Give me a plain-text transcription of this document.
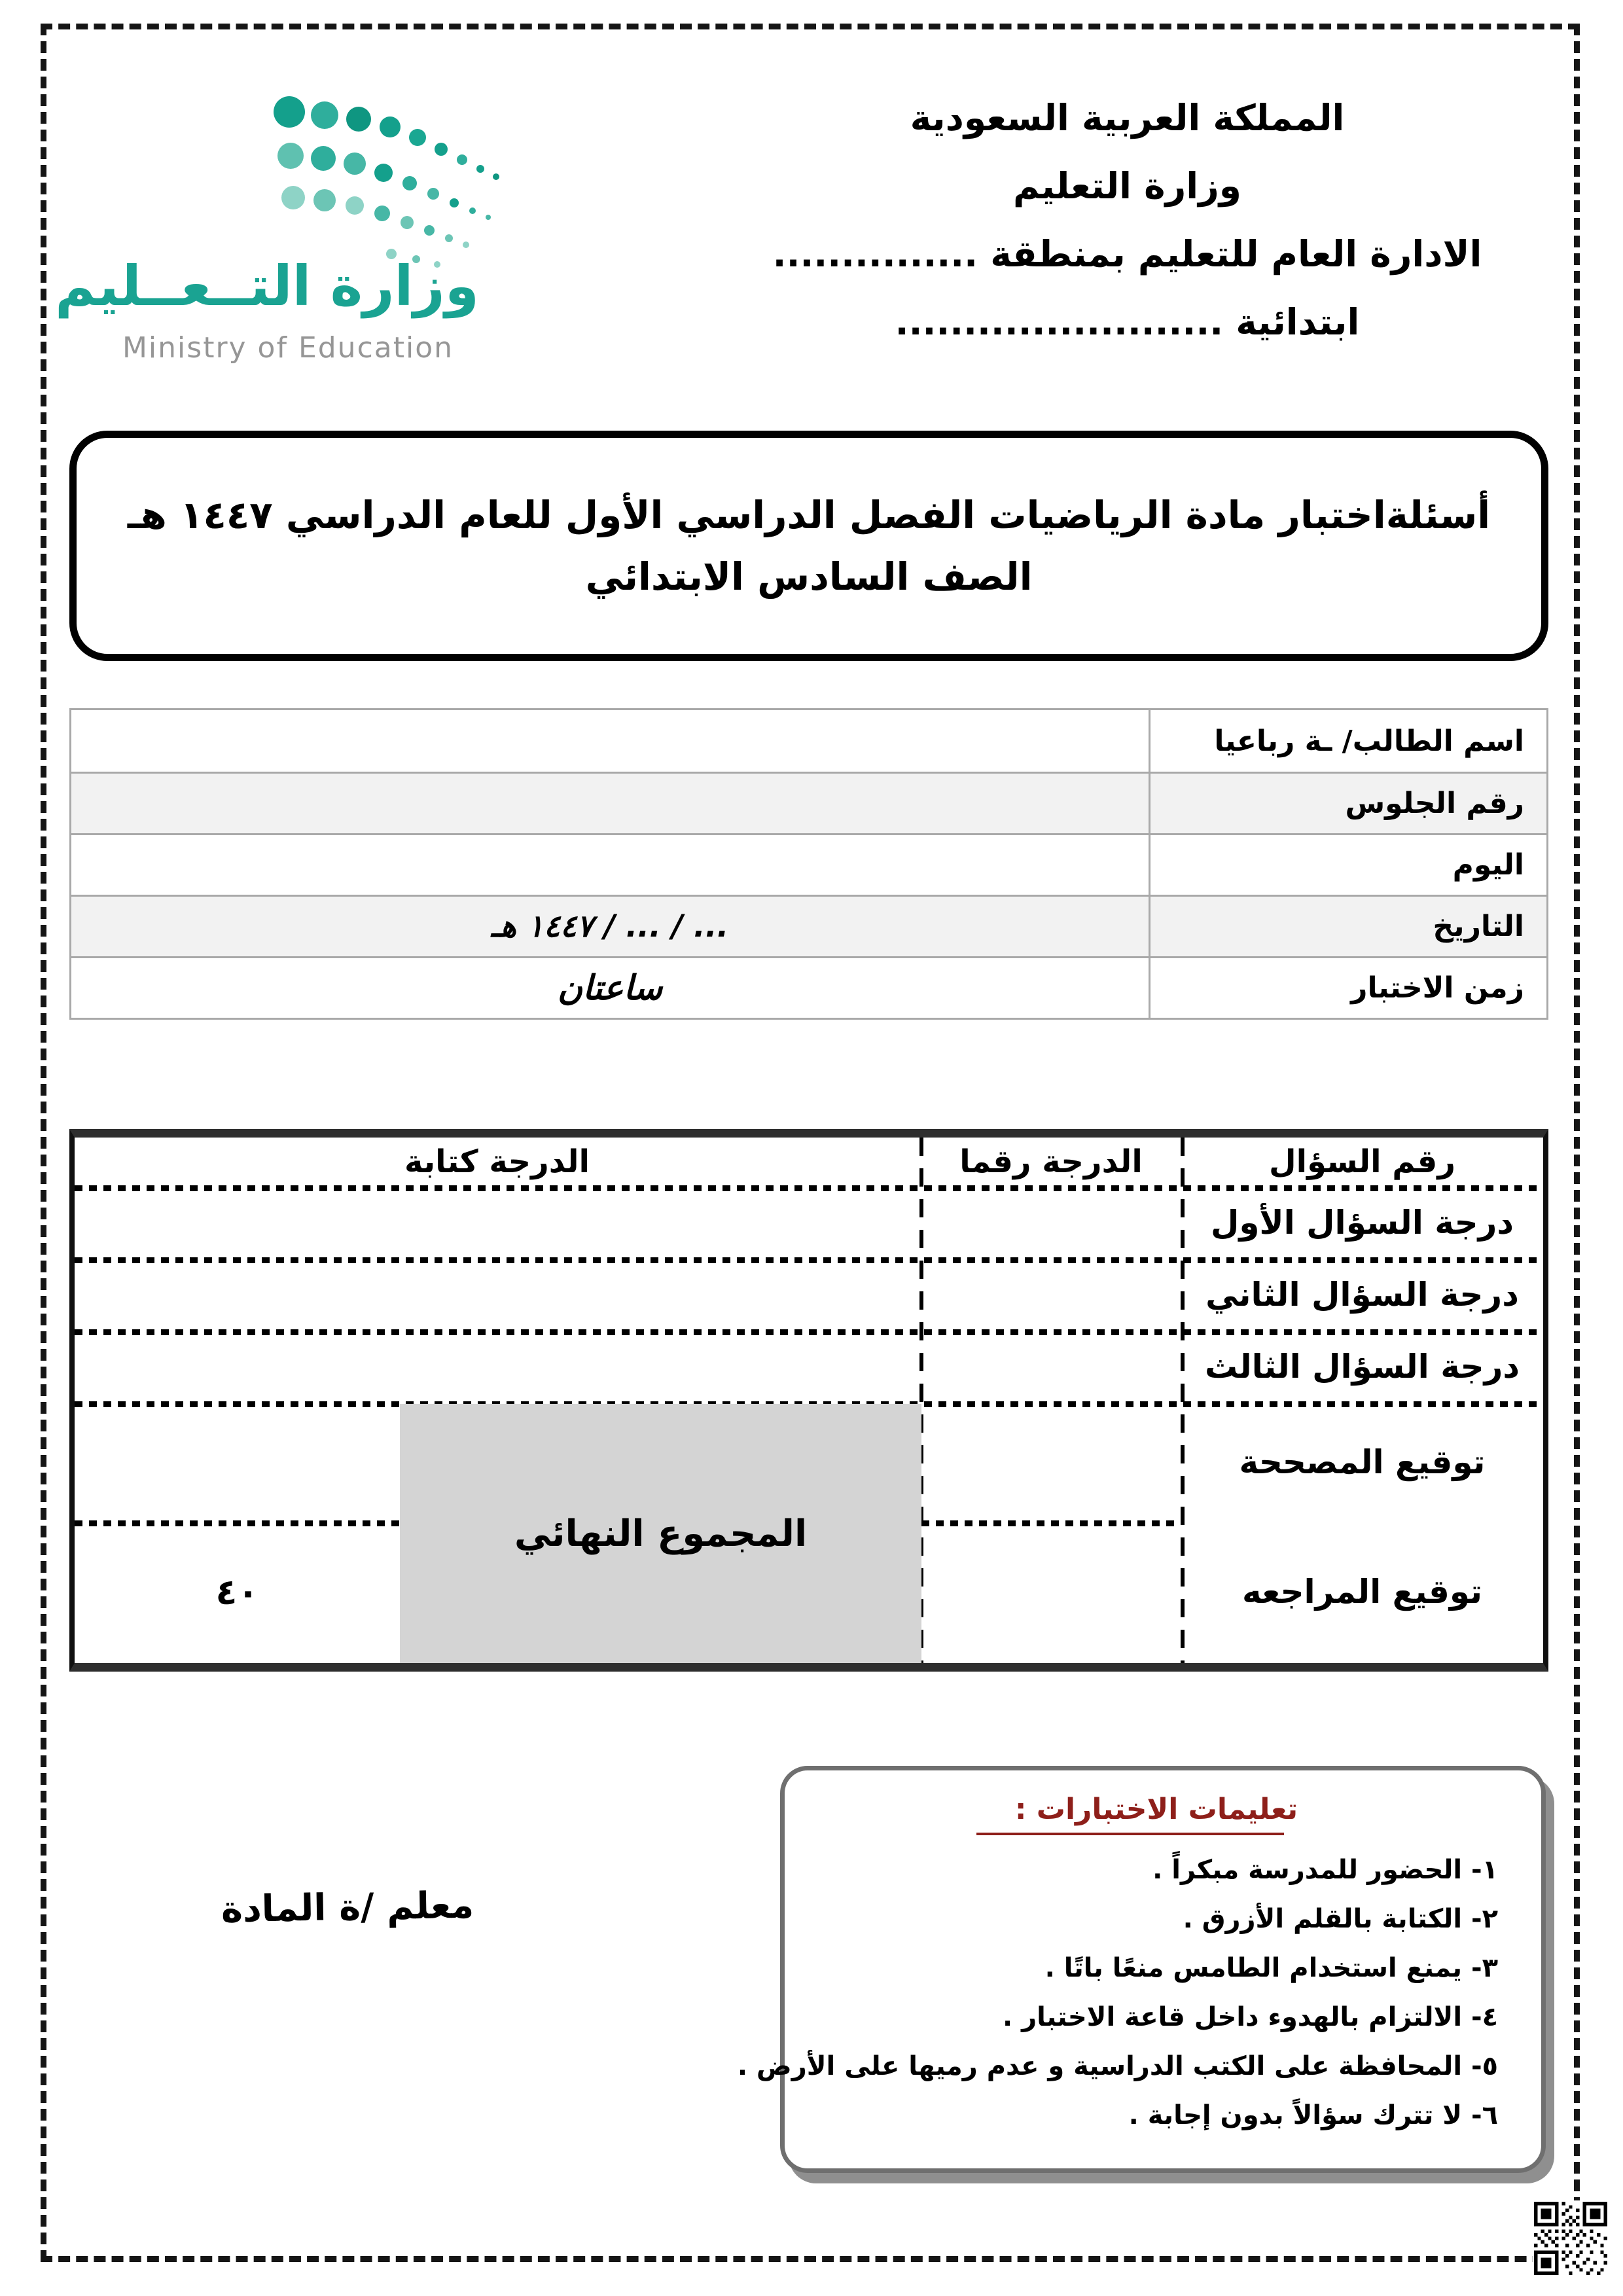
المملكة العربية السعودية
وزارة التعليم
الادارة العام للتعليم بمنطقة ...............
ابتدائية ........................
وزارة التــعــليم
Ministry of Education
أسئلةاختبار مادة الرياضيات الفصل الدراسي الأول للعام الدراسي ١٤٤٧ هـ
الصف السادس الابتدائي
اسم الطالب/ ـة رباعيا
رقم الجلوس
اليوم
التاريخ
... / ... / ١٤٤٧ هـ
زمن الاختبار
ساعتان
المجموع النهائي
رقم السؤال
الدرجة رقما
الدرجة كتابة
درجة السؤال الأول
درجة السؤال الثاني
درجة السؤال الثالث
توقيع المصححة
توقيع المراجعه
٤٠
تعليمات الاختبارات :
١- الحضور للمدرسة مبكراً .
٢- الكتابة بالقلم الأزرق .
٣- يمنع استخدام الطامس منعًا باتًا .
٤- الالتزام بالهدوء داخل قاعة الاختبار .
٥- المحافظة على الكتب الدراسية و عدم رميها على الأرض .
٦- لا تترك سؤالاً بدون إجابة .
معلم /ة المادة
